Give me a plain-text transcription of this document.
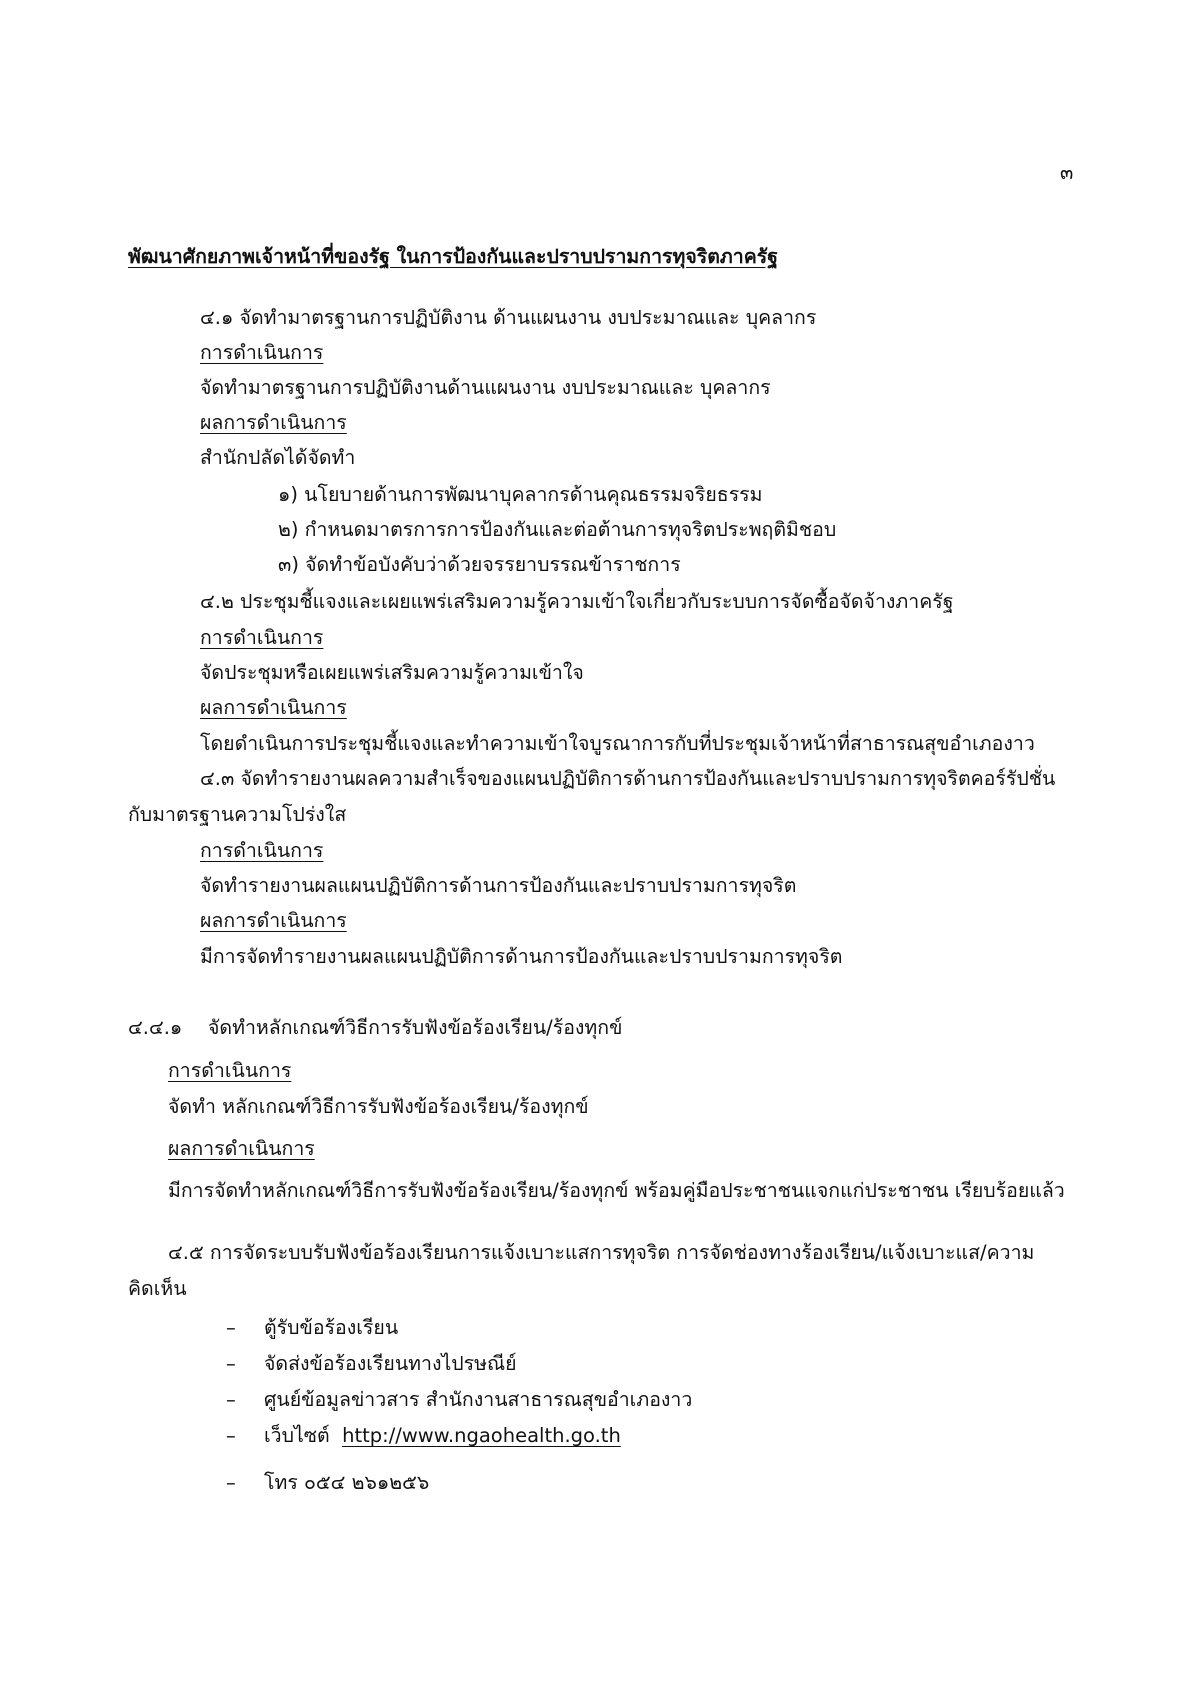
๓
พัฒนาศักยภาพเจ้าหน้าที่ของรัฐ ในการป้องกันและปราบปรามการทุจริตภาครัฐ
๔.๑ จัดทำมาตรฐานการปฏิบัติงาน ด้านแผนงาน งบประมาณและ บุคลากร
การดำเนินการ
จัดทำมาตรฐานการปฏิบัติงานด้านแผนงาน งบประมาณและ บุคลากร
ผลการดำเนินการ
สำนักปลัดได้จัดทำ
๑) นโยบายด้านการพัฒนาบุคลากรด้านคุณธรรมจริยธรรม
๒) กำหนดมาตรการการป้องกันและต่อต้านการทุจริตประพฤติมิชอบ
๓) จัดทำข้อบังคับว่าด้วยจรรยาบรรณข้าราชการ
๔.๒ ประชุมชี้แจงและเผยแพร่เสริมความรู้ความเข้าใจเกี่ยวกับระบบการจัดซื้อจัดจ้างภาครัฐ
การดำเนินการ
จัดประชุมหรือเผยแพร่เสริมความรู้ความเข้าใจ
ผลการดำเนินการ
โดยดำเนินการประชุมชี้แจงและทำความเข้าใจบูรณาการกับที่ประชุมเจ้าหน้าที่สาธารณสุขอำเภองาว
๔.๓ จัดทำรายงานผลความสำเร็จของแผนปฏิบัติการด้านการป้องกันและปราบปรามการทุจริตคอร์รัปชั่น
กับมาตรฐานความโปร่งใส
การดำเนินการ
จัดทำรายงานผลแผนปฏิบัติการด้านการป้องกันและปราบปรามการทุจริต
ผลการดำเนินการ
มีการจัดทำรายงานผลแผนปฏิบัติการด้านการป้องกันและปราบปรามการทุจริต
๔.๔.๑ จัดทำหลักเกณฑ์วิธีการรับฟังข้อร้องเรียน/ร้องทุกข์
การดำเนินการ
จัดทำ หลักเกณฑ์วิธีการรับฟังข้อร้องเรียน/ร้องทุกข์
ผลการดำเนินการ
มีการจัดทำหลักเกณฑ์วิธีการรับฟังข้อร้องเรียน/ร้องทุกข์ พร้อมคู่มือประชาชนแจกแก่ประชาชน เรียบร้อยแล้ว
๔.๕ การจัดระบบรับฟังข้อร้องเรียนการแจ้งเบาะแสการทุจริต การจัดช่องทางร้องเรียน/แจ้งเบาะแส/ความ
คิดเห็น
– ตู้รับข้อร้องเรียน
– จัดส่งข้อร้องเรียนทางไปรษณีย์
– ศูนย์ข้อมูลข่าวสาร สำนักงานสาธารณสุขอำเภองาว
– เว็บไซต์ http://www.ngaohealth.go.th
– โทร ๐๕๔ ๒๖๑๒๕๖
